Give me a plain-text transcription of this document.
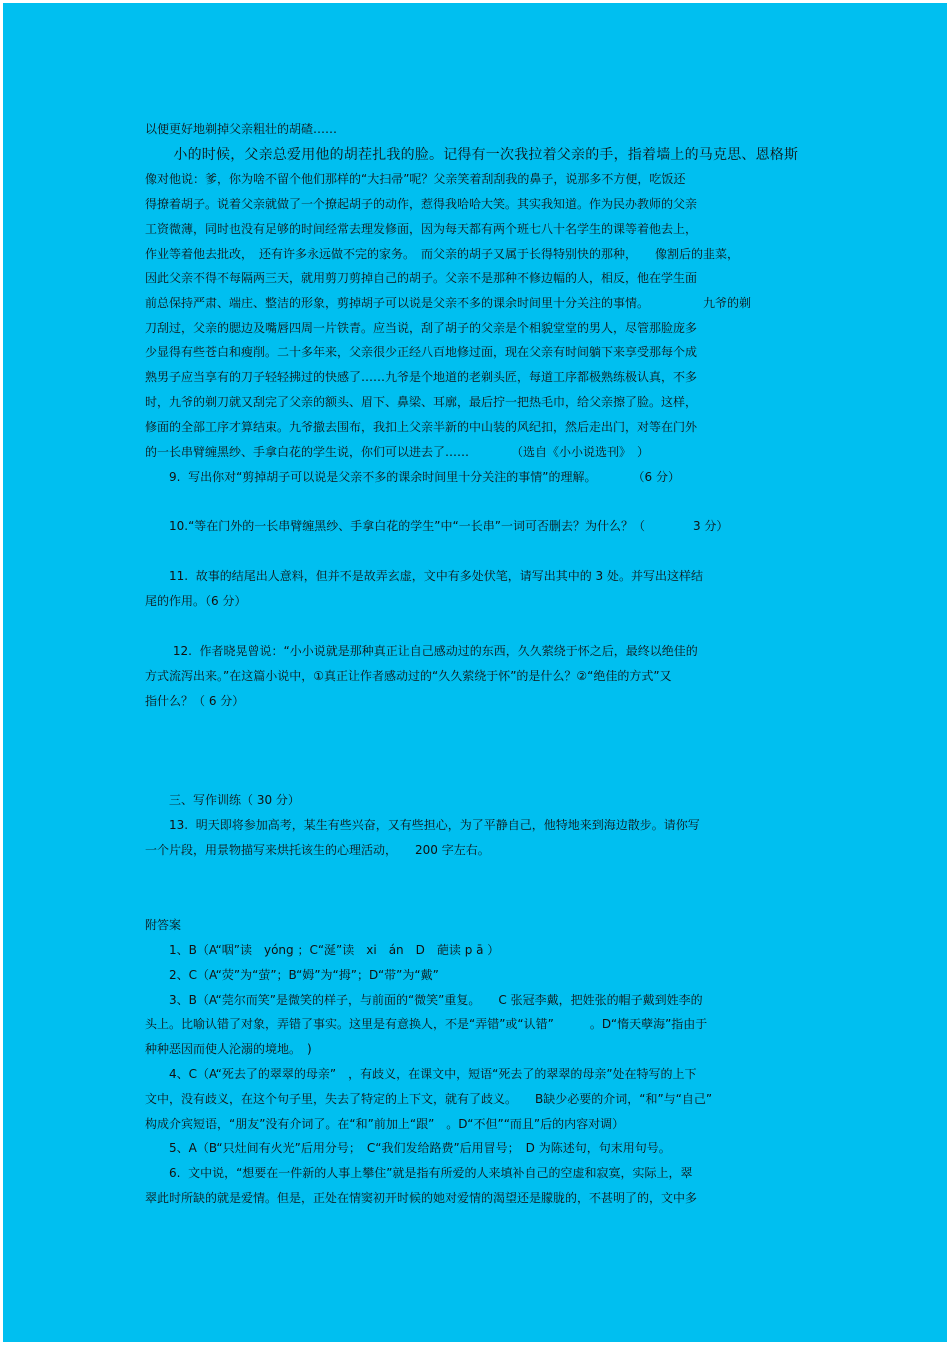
以便更好地剃掉父亲粗壮的胡碴……
　　小的时候，父亲总爱用他的胡茬扎我的脸。记得有一次我拉着父亲的手，指着墙上的马克思、恩格斯
像对他说：爹，你为啥不留个他们那样的“大扫帚”呢？父亲笑着刮刮我的鼻子，说那多不方便，吃饭还
得撩着胡子。说着父亲就做了一个撩起胡子的动作，惹得我哈哈大笑。其实我知道。作为民办教师的父亲
工资微薄，同时也没有足够的时间经常去理发修面，因为每天都有两个班七八十名学生的课等着他去上，
作业等着他去批改，　还有许多永远做不完的家务。　而父亲的胡子又属于长得特别快的那种，　　像割后的韭菜，
因此父亲不得不每隔两三天，就用剪刀剪掉自己的胡子。父亲不是那种不修边幅的人，相反，他在学生面
前总保持严肃、端庄、整洁的形象，剪掉胡子可以说是父亲不多的课余时间里十分关注的事情。　　　　　九爷的剃
刀刮过，父亲的腮边及嘴唇四周一片铁青。应当说，刮了胡子的父亲是个相貌堂堂的男人，尽管那脸庞多
少显得有些苍白和瘦削。二十多年来，父亲很少正经八百地修过面，现在父亲有时间躺下来享受那每个成
熟男子应当享有的刀子轻轻拂过的快感了……九爷是个地道的老剃头匠，每道工序都极熟练极认真，不多
时，九爷的剃刀就又刮完了父亲的额头、眉下、鼻梁、耳廓，最后拧一把热毛巾，给父亲擦了脸。这样，
修面的全部工序才算结束。九爷撤去围布，我扣上父亲半新的中山装的风纪扣，然后走出门，对等在门外
的一长串臂缠黑纱、手拿白花的学生说，你们可以进去了……　　　　（选自《小小说选刊》　）
　　9.  写出你对“剪掉胡子可以说是父亲不多的课余时间里十分关注的事情”的理解。　　　　（6 分）
　　10.“等在门外的一长串臂缠黑纱、手拿白花的学生”中“一长串”一词可否删去？为什么？（　　　　3 分）
　　11.  故事的结尾出人意料，但并不是故弄玄虚，文中有多处伏笔，请写出其中的 3 处。并写出这样结
尾的作用。（6 分）
　　 12.  作者晓晃曾说：“小小说就是那种真正让自己感动过的东西，久久萦绕于怀之后，最终以绝佳的
方式流泻出来。”在这篇小说中，①真正让作者感动过的“久久萦绕于怀”的是什么？②“绝佳的方式”又
指什么？（ 6 分）
　　三、写作训练（ 30 分）
　　13.  明天即将参加高考，某生有些兴奋，又有些担心，为了平静自己，他特地来到海边散步。请你写
一个片段，用景物描写来烘托该生的心理活动，　　200 字左右。
附答案
　　1、B（A“咽”读　yóng ；C“涎”读　xi　án　D　葩读 p ā ）
　　2、C（A“荧”为“萤”；B“姆”为“拇”；D“带”为“戴”
　　3、B（A“莞尔而笑”是微笑的样子，与前面的“微笑”重复。　　C 张冠李戴，把姓张的帽子戴到姓李的
头上。比喻认错了对象，弄错了事实。这里是有意换人，不是“弄错”或“认错”　　　。D“惰天孽海”指由于
种种恶因而使人沦溺的境地。　)
　　4、C（A“死去了的翠翠的母亲”　，有歧义，在课文中，短语“死去了的翠翠的母亲”处在特写的上下
文中，没有歧义，在这个句子里，失去了特定的上下文，就有了歧义。　　B缺少必要的介词，“和”与“自己”
构成介宾短语，“朋友”没有介词了。在“和”前加上“跟”　。D“不但”“而且”后的内容对调）
　　5、A（B“只灶间有火光”后用分号；　C“我们发给路费”后用冒号；　D 为陈述句，句末用句号。
　　6.  文中说，“想要在一件新的人事上攀住”就是指有所爱的人来填补自己的空虚和寂寞，实际上，翠
翠此时所缺的就是爱情。但是，正处在情窦初开时候的她对爱情的渴望还是朦胧的，不甚明了的，文中多
